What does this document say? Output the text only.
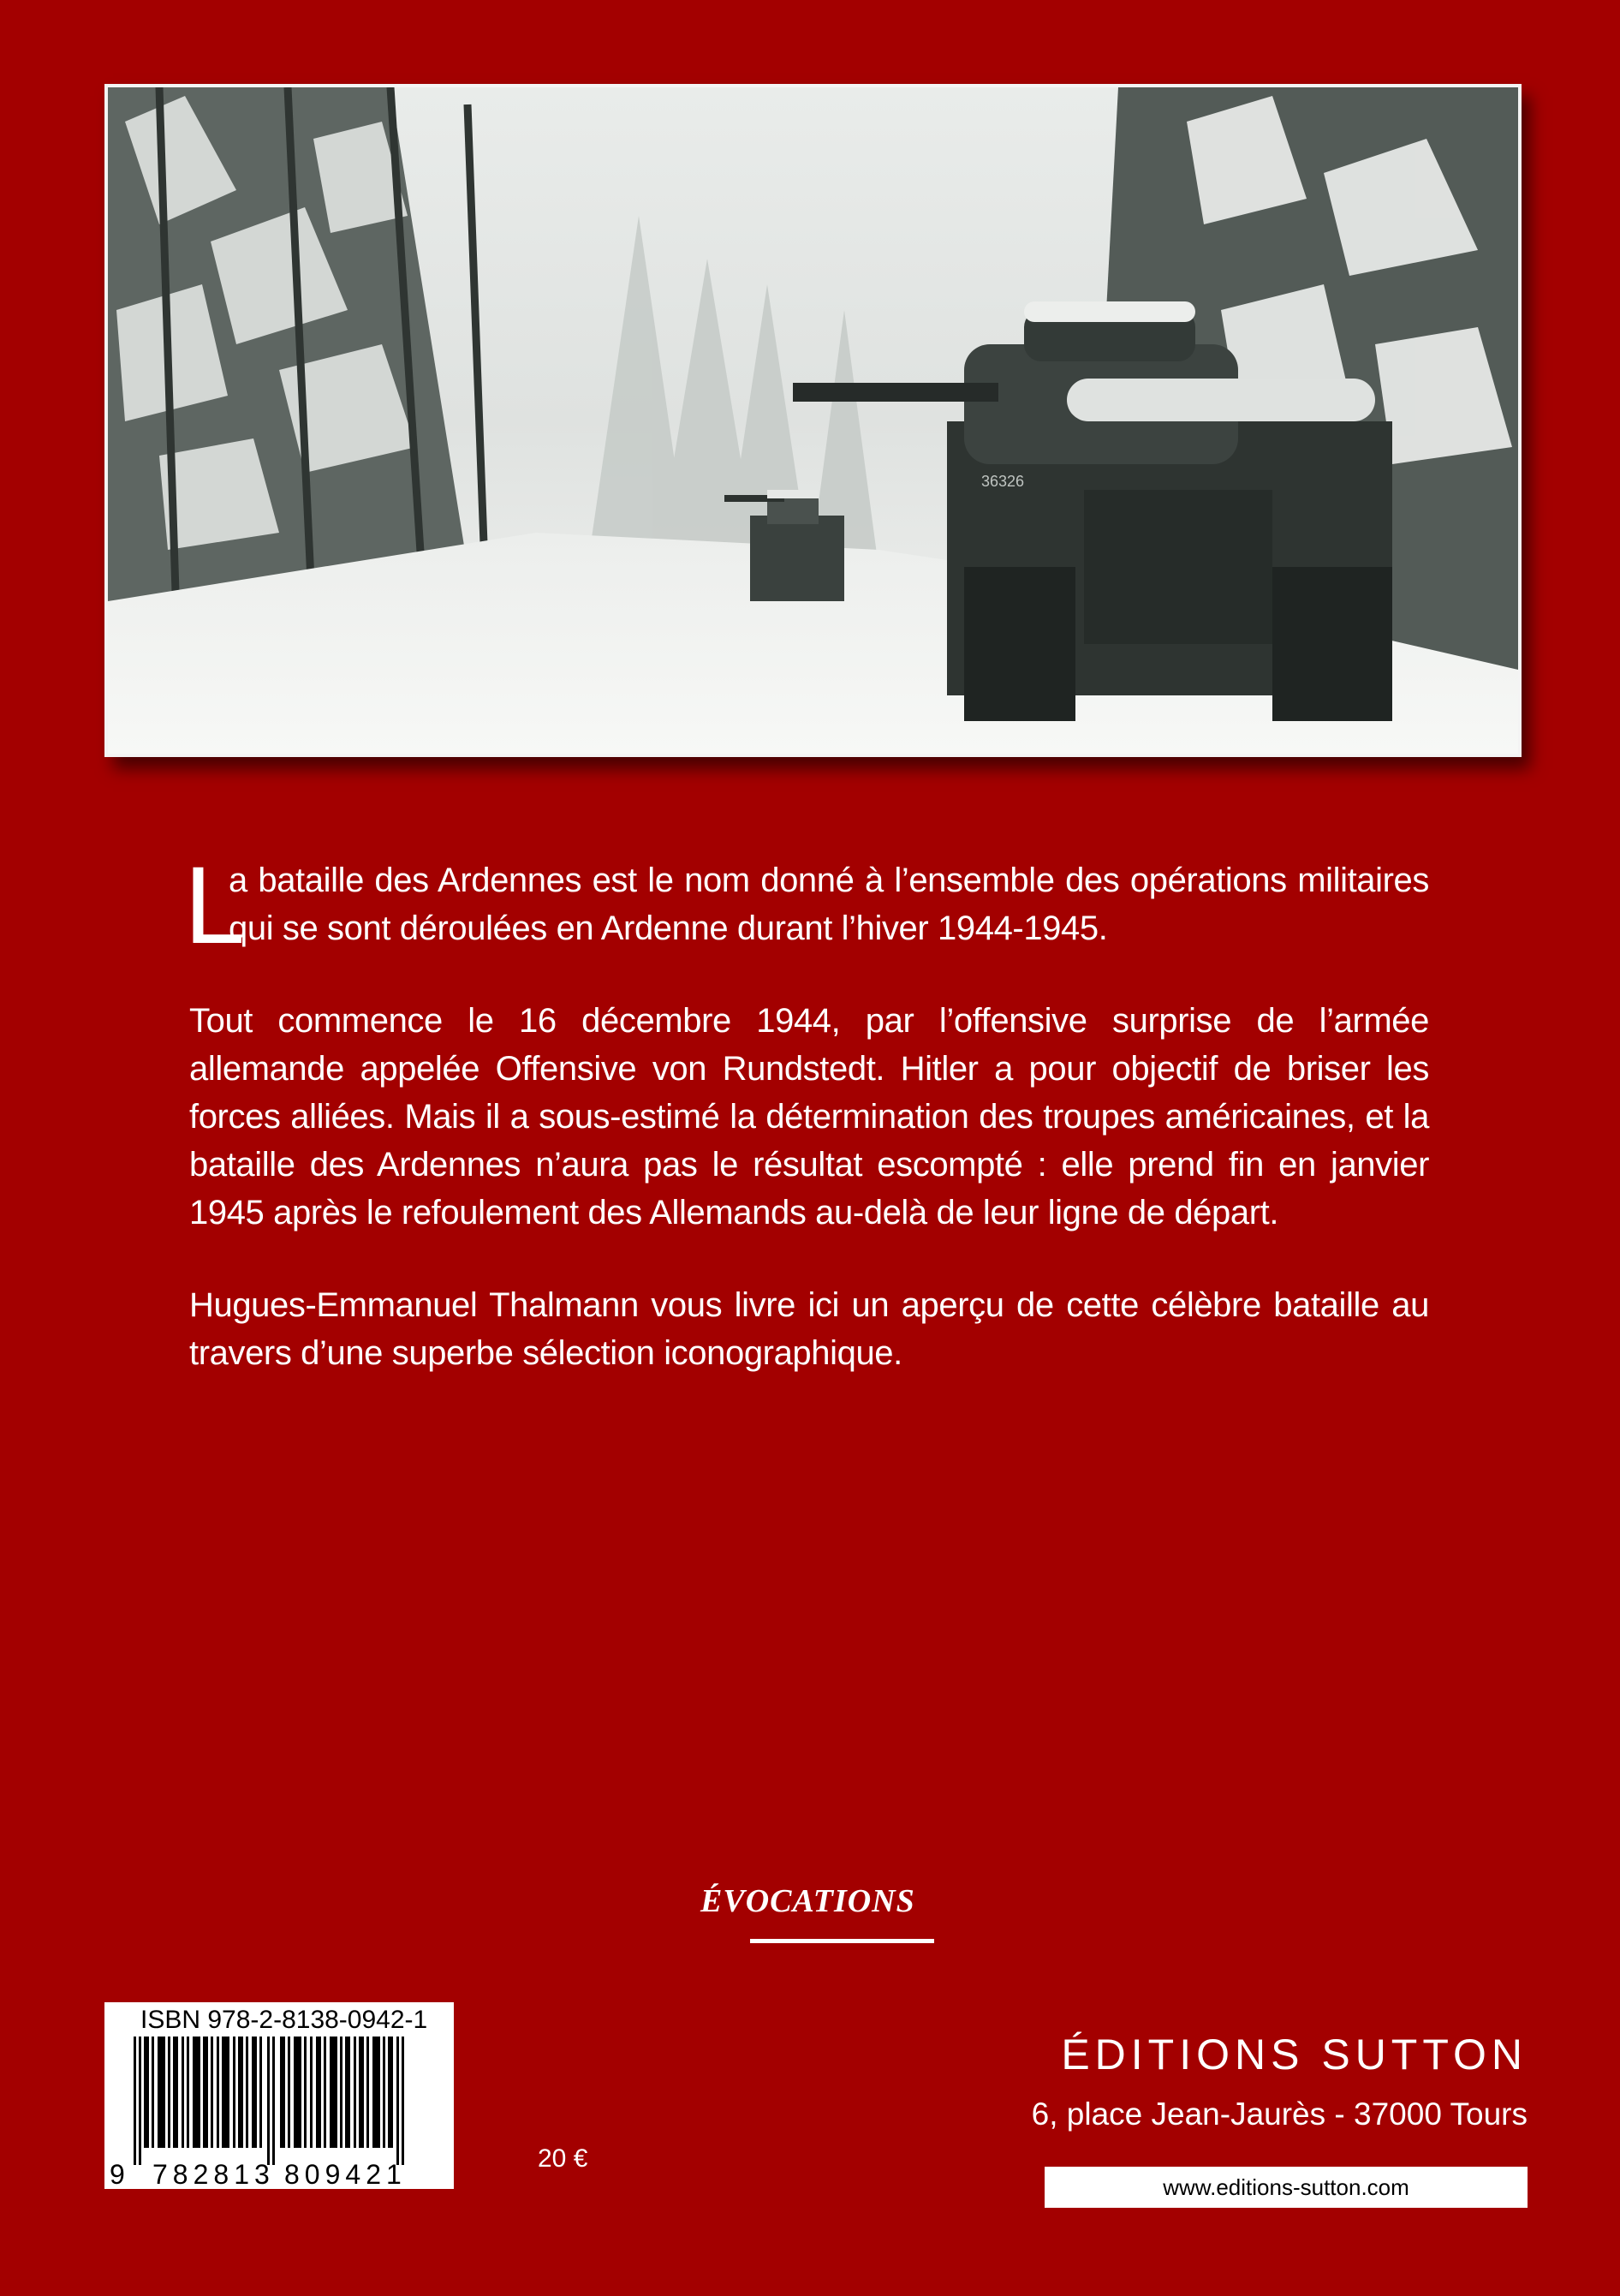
36326

L
a bataille des Ardennes est le nom donné à l’ensemble des opérations militaires qui se sont déroulées en Ardenne durant l’hiver 1944-1945.

Tout commence le 16 décembre 1944, par l’offensive surprise de l’armée allemande appelée Offensive von Rundstedt. Hitler a pour objectif de briser les forces alliées. Mais il a sous-estimé la détermination des troupes américaines, et la bataille des Ardennes n’aura pas le résultat escompté : elle prend fin en janvier 1945 après le refoulement des Allemands au-delà de leur ligne de départ.

Hugues-Emmanuel Thalmann vous livre ici un aperçu de cette célèbre bataille au travers d’une superbe sélection iconographique.

ÉVOCATIONS
ISBN 978-2-8138-0942-1
9 782813 809421
20 €
ÉDITIONS SUTTON
6, place Jean-Jaurès - 37000 Tours
www.editions-sutton.com
